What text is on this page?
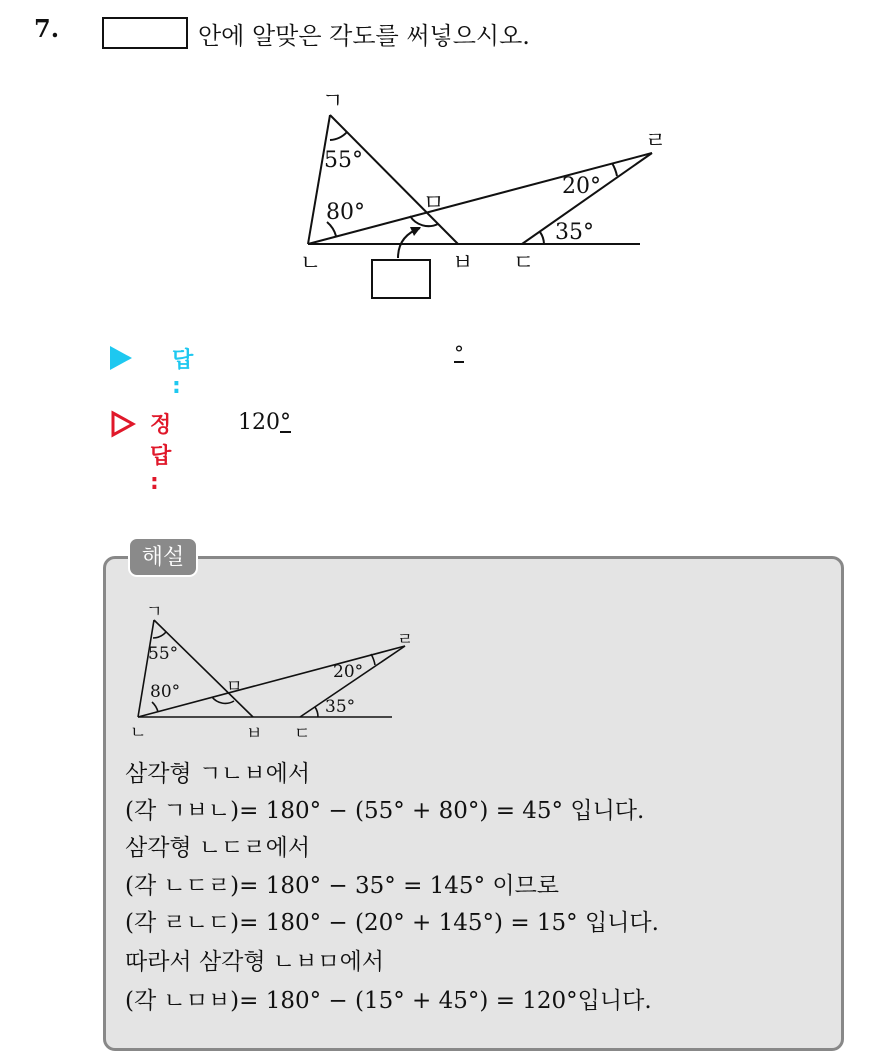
7.	안에 알맞은 각도를 써넣으시오.
ㄱ
ㄴ	ㅂ ㄷ
ㄹ
ㅁ
55°
80°
20°
35°
답 :
°
정답 :
120°
해설
ㄱ
ㄴ	ㅂ ㄷ
ㄹ
ㅁ
55°
80°
20°
35°
삼각형 ㄱㄴㅂ에서
(각 ㄱㅂㄴ)= 180° − (55° + 80°) = 45° 입니다.
삼각형 ㄴㄷㄹ에서
(각 ㄴㄷㄹ)= 180° − 35° = 145° 이므로
(각 ㄹㄴㄷ)= 180° − (20° + 145°) = 15° 입니다.
따라서 삼각형 ㄴㅂㅁ에서
(각 ㄴㅁㅂ)= 180° − (15° + 45°) = 120°입니다.
